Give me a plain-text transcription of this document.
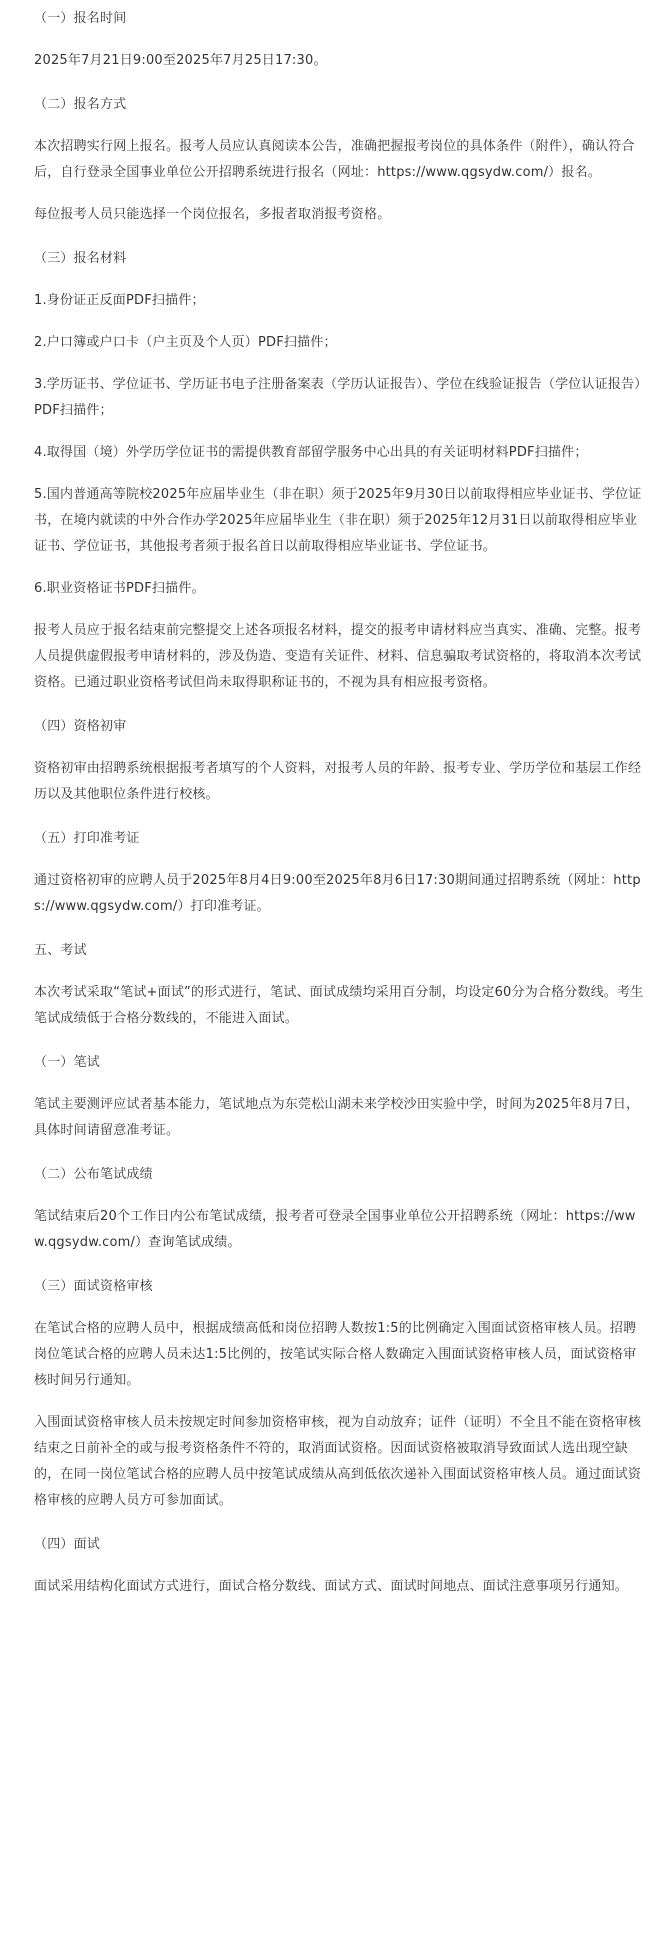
（一）报名时间

2025年7月21日9:00至2025年7月25日17:30。

（二）报名方式

本次招聘实行网上报名。报考人员应认真阅读本公告，准确把握报考岗位的具体条件（附件），确认符合后，自行登录全国事业单位公开招聘系统进行报名（网址：https://www.qgsydw.com/）报名。

每位报考人员只能选择一个岗位报名，多报者取消报考资格。

（三）报名材料

1.身份证正反面PDF扫描件；

2.户口簿或户口卡（户主页及个人页）PDF扫描件；

3.学历证书、学位证书、学历证书电子注册备案表（学历认证报告）、学位在线验证报告（学位认证报告）PDF扫描件；

4.取得国（境）外学历学位证书的需提供教育部留学服务中心出具的有关证明材料PDF扫描件；

5.国内普通高等院校2025年应届毕业生（非在职）须于2025年9月30日以前取得相应毕业证书、学位证书，在境内就读的中外合作办学2025年应届毕业生（非在职）须于2025年12月31日以前取得相应毕业证书、学位证书，其他报考者须于报名首日以前取得相应毕业证书、学位证书。

6.职业资格证书PDF扫描件。

报考人员应于报名结束前完整提交上述各项报名材料，提交的报考申请材料应当真实、准确、完整。报考人员提供虚假报考申请材料的，涉及伪造、变造有关证件、材料、信息骗取考试资格的，将取消本次考试资格。已通过职业资格考试但尚未取得职称证书的，不视为具有相应报考资格。

（四）资格初审

资格初审由招聘系统根据报考者填写的个人资料，对报考人员的年龄、报考专业、学历学位和基层工作经历以及其他职位条件进行校核。

（五）打印准考证

通过资格初审的应聘人员于2025年8月4日9:00至2025年8月6日17:30期间通过招聘系统（网址：https://www.qgsydw.com/）打印准考证。

五、考试

本次考试采取“笔试+面试”的形式进行，笔试、面试成绩均采用百分制，均设定60分为合格分数线。考生笔试成绩低于合格分数线的，不能进入面试。

（一）笔试

笔试主要测评应试者基本能力，笔试地点为东莞松山湖未来学校沙田实验中学，时间为2025年8月7日，具体时间请留意准考证。

（二）公布笔试成绩

笔试结束后20个工作日内公布笔试成绩，报考者可登录全国事业单位公开招聘系统（网址：https://www.qgsydw.com/）查询笔试成绩。

（三）面试资格审核

在笔试合格的应聘人员中，根据成绩高低和岗位招聘人数按1:5的比例确定入围面试资格审核人员。招聘岗位笔试合格的应聘人员未达1:5比例的，按笔试实际合格人数确定入围面试资格审核人员，面试资格审核时间另行通知。

入围面试资格审核人员未按规定时间参加资格审核，视为自动放弃；证件（证明）不全且不能在资格审核结束之日前补全的或与报考资格条件不符的，取消面试资格。因面试资格被取消导致面试人选出现空缺的，在同一岗位笔试合格的应聘人员中按笔试成绩从高到低依次递补入围面试资格审核人员。通过面试资格审核的应聘人员方可参加面试。

（四）面试

面试采用结构化面试方式进行，面试合格分数线、面试方式、面试时间地点、面试注意事项另行通知。
